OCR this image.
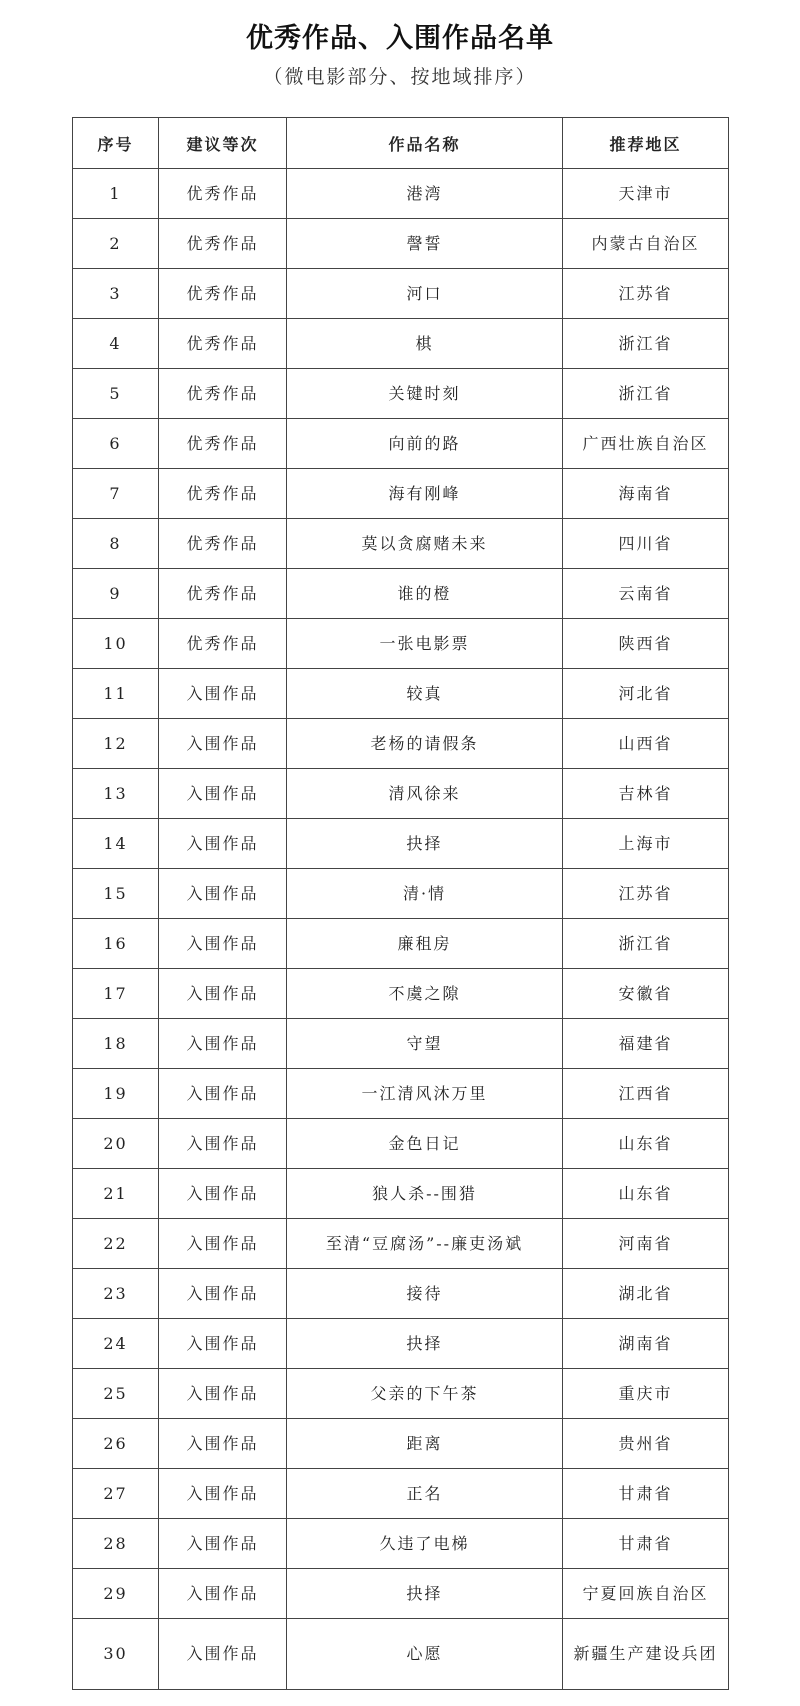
优秀作品、入围作品名单
（微电影部分、按地域排序）
序号	建议等次	作品名称	推荐地区
1	优秀作品	港湾	天津市
2	优秀作品	謦誓	内蒙古自治区
3	优秀作品	河口	江苏省
4	优秀作品	棋	浙江省
5	优秀作品	关键时刻	浙江省
6	优秀作品	向前的路	广西壮族自治区
7	优秀作品	海有刚峰	海南省
8	优秀作品	莫以贪腐赌未来	四川省
9	优秀作品	谁的橙	云南省
10	优秀作品	一张电影票	陕西省
11	入围作品	较真	河北省
12	入围作品	老杨的请假条	山西省
13	入围作品	清风徐来	吉林省
14	入围作品	抉择	上海市
15	入围作品	清·情	江苏省
16	入围作品	廉租房	浙江省
17	入围作品	不虞之隙	安徽省
18	入围作品	守望	福建省
19	入围作品	一江清风沐万里	江西省
20	入围作品	金色日记	山东省
21	入围作品	狼人杀--围猎	山东省
22	入围作品	至清“豆腐汤”--廉吏汤斌	河南省
23	入围作品	接待	湖北省
24	入围作品	抉择	湖南省
25	入围作品	父亲的下午茶	重庆市
26	入围作品	距离	贵州省
27	入围作品	正名	甘肃省
28	入围作品	久违了电梯	甘肃省
29	入围作品	抉择	宁夏回族自治区
30	入围作品	心愿	新疆生产建设兵团
